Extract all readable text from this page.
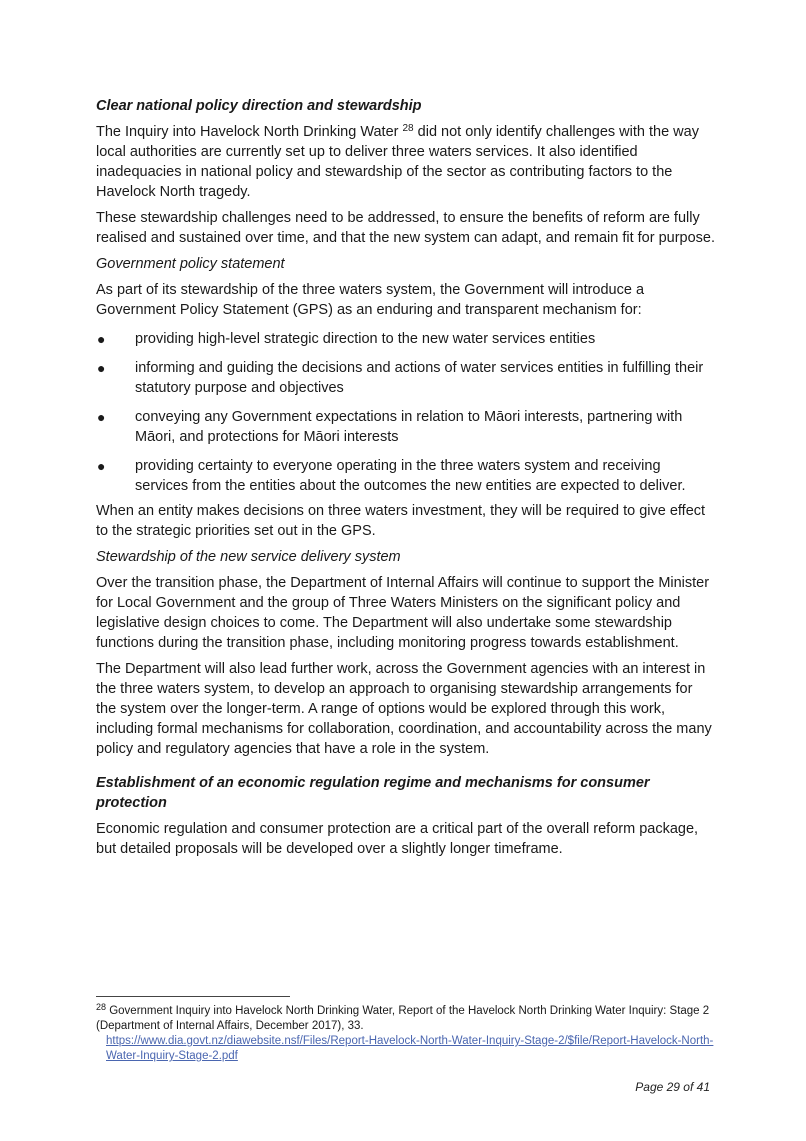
Clear national policy direction and stewardship

The Inquiry into Havelock North Drinking Water $^{28}$ did not only identify challenges with the way local authorities are currently set up to deliver three waters services. It also identified inadequacies in national policy and stewardship of the sector as contributing factors to the Havelock North tragedy.

These stewardship challenges need to be addressed, to ensure the benefits of reform are fully realised and sustained over time, and that the new system can adapt, and remain fit for purpose.

Government policy statement

As part of its stewardship of the three waters system, the Government will introduce a Government Policy Statement (GPS) as an enduring and transparent mechanism for:

● providing high-level strategic direction to the new water services entities
● informing and guiding the decisions and actions of water services entities in fulfilling their statutory purpose and objectives
● conveying any Government expectations in relation to Māori interests, partnering with Māori, and protections for Māori interests
● providing certainty to everyone operating in the three waters system and receiving services from the entities about the outcomes the new entities are expected to deliver.

When an entity makes decisions on three waters investment, they will be required to give effect to the strategic priorities set out in the GPS.

Stewardship of the new service delivery system

Over the transition phase, the Department of Internal Affairs will continue to support the Minister for Local Government and the group of Three Waters Ministers on the significant policy and legislative design choices to come. The Department will also undertake some stewardship functions during the transition phase, including monitoring progress towards establishment.

The Department will also lead further work, across the Government agencies with an interest in the three waters system, to develop an approach to organising stewardship arrangements for the system over the longer-term. A range of options would be explored through this work, including formal mechanisms for collaboration, coordination, and accountability across the many policy and regulatory agencies that have a role in the system.

Establishment of an economic regulation regime and mechanisms for consumer protection

Economic regulation and consumer protection are a critical part of the overall reform package, but detailed proposals will be developed over a slightly longer timeframe.

$^{28}$ Government Inquiry into Havelock North Drinking Water, Report of the Havelock North Drinking Water Inquiry: Stage 2 (Department of Internal Affairs, December 2017), 33.
https://www.dia.govt.nz/diawebsite.nsf/Files/Report-Havelock-North-Water-Inquiry-Stage-2/$file/Report-Havelock-North-Water-Inquiry-Stage-2.pdf
Page 29 of 41
